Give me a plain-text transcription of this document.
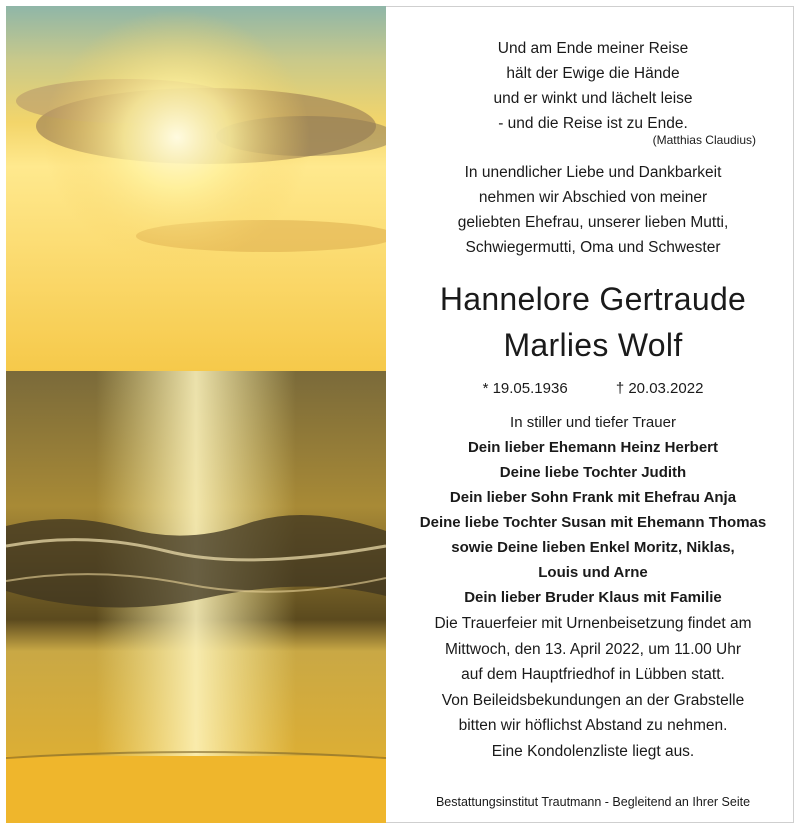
Und am Ende meiner Reise
hält der Ewige die Hände
und er winkt und lächelt leise
- und die Reise ist zu Ende.
(Matthias Claudius)
In unendlicher Liebe und Dankbarkeit
nehmen wir Abschied von meiner
geliebten Ehefrau, unserer lieben Mutti,
Schwiegermutti, Oma und Schwester
Hannelore Gertraude
Marlies Wolf
* 19.05.1936	† 20.03.2022
In stiller und tiefer Trauer
Dein lieber Ehemann Heinz Herbert
Deine liebe Tochter Judith
Dein lieber Sohn Frank mit Ehefrau Anja
Deine liebe Tochter Susan mit Ehemann Thomas
sowie Deine lieben Enkel Moritz, Niklas,
Louis und Arne
Dein lieber Bruder Klaus mit Familie
Die Trauerfeier mit Urnenbeisetzung findet am
Mittwoch, den 13. April 2022, um 11.00 Uhr
auf dem Hauptfriedhof in Lübben statt.
Von Beileidsbekundungen an der Grabstelle
bitten wir höflichst Abstand zu nehmen.
Eine Kondolenzliste liegt aus.
Bestattungsinstitut Trautmann - Begleitend an Ihrer Seite
